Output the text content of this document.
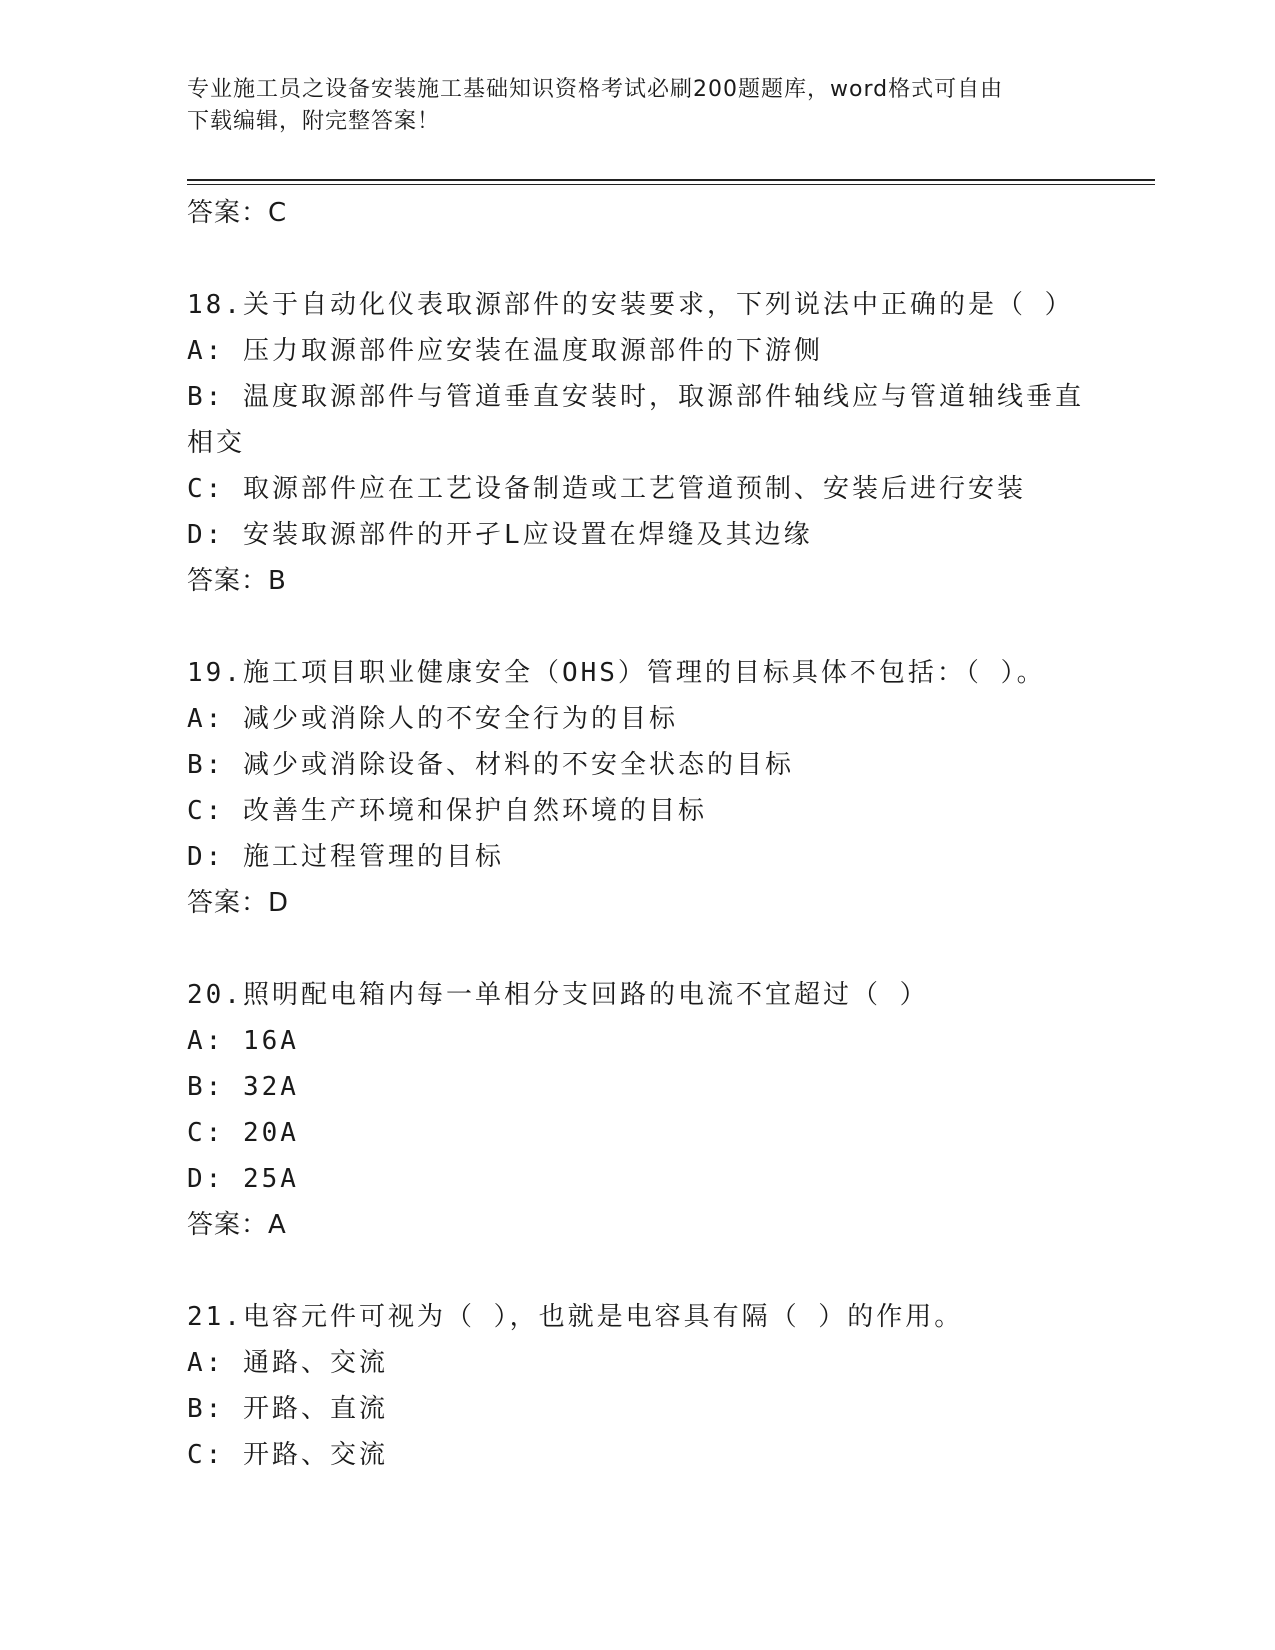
专业施工员之设备安装施工基础知识资格考试必刷200题题库，word格式可自由
下载编辑，附完整答案！
答案：C
18.关于自动化仪表取源部件的安装要求，下列说法中正确的是（ ）
A: 压力取源部件应安装在温度取源部件的下游侧
B: 温度取源部件与管道垂直安装时，取源部件轴线应与管道轴线垂直
相交
C: 取源部件应在工艺设备制造或工艺管道预制、安装后进行安装
D: 安装取源部件的开孑L应设置在焊缝及其边缘
答案：B
19.施工项目职业健康安全（OHS）管理的目标具体不包括：（ ）。
A: 减少或消除人的不安全行为的目标
B: 减少或消除设备、材料的不安全状态的目标
C: 改善生产环境和保护自然环境的目标
D: 施工过程管理的目标
答案：D
20.照明配电箱内每一单相分支回路的电流不宜超过（ ）
A: 16A
B: 32A
C: 20A
D: 25A
答案：A
21.电容元件可视为（ ），也就是电容具有隔（ ）的作用。
A: 通路、交流
B: 开路、直流
C: 开路、交流
